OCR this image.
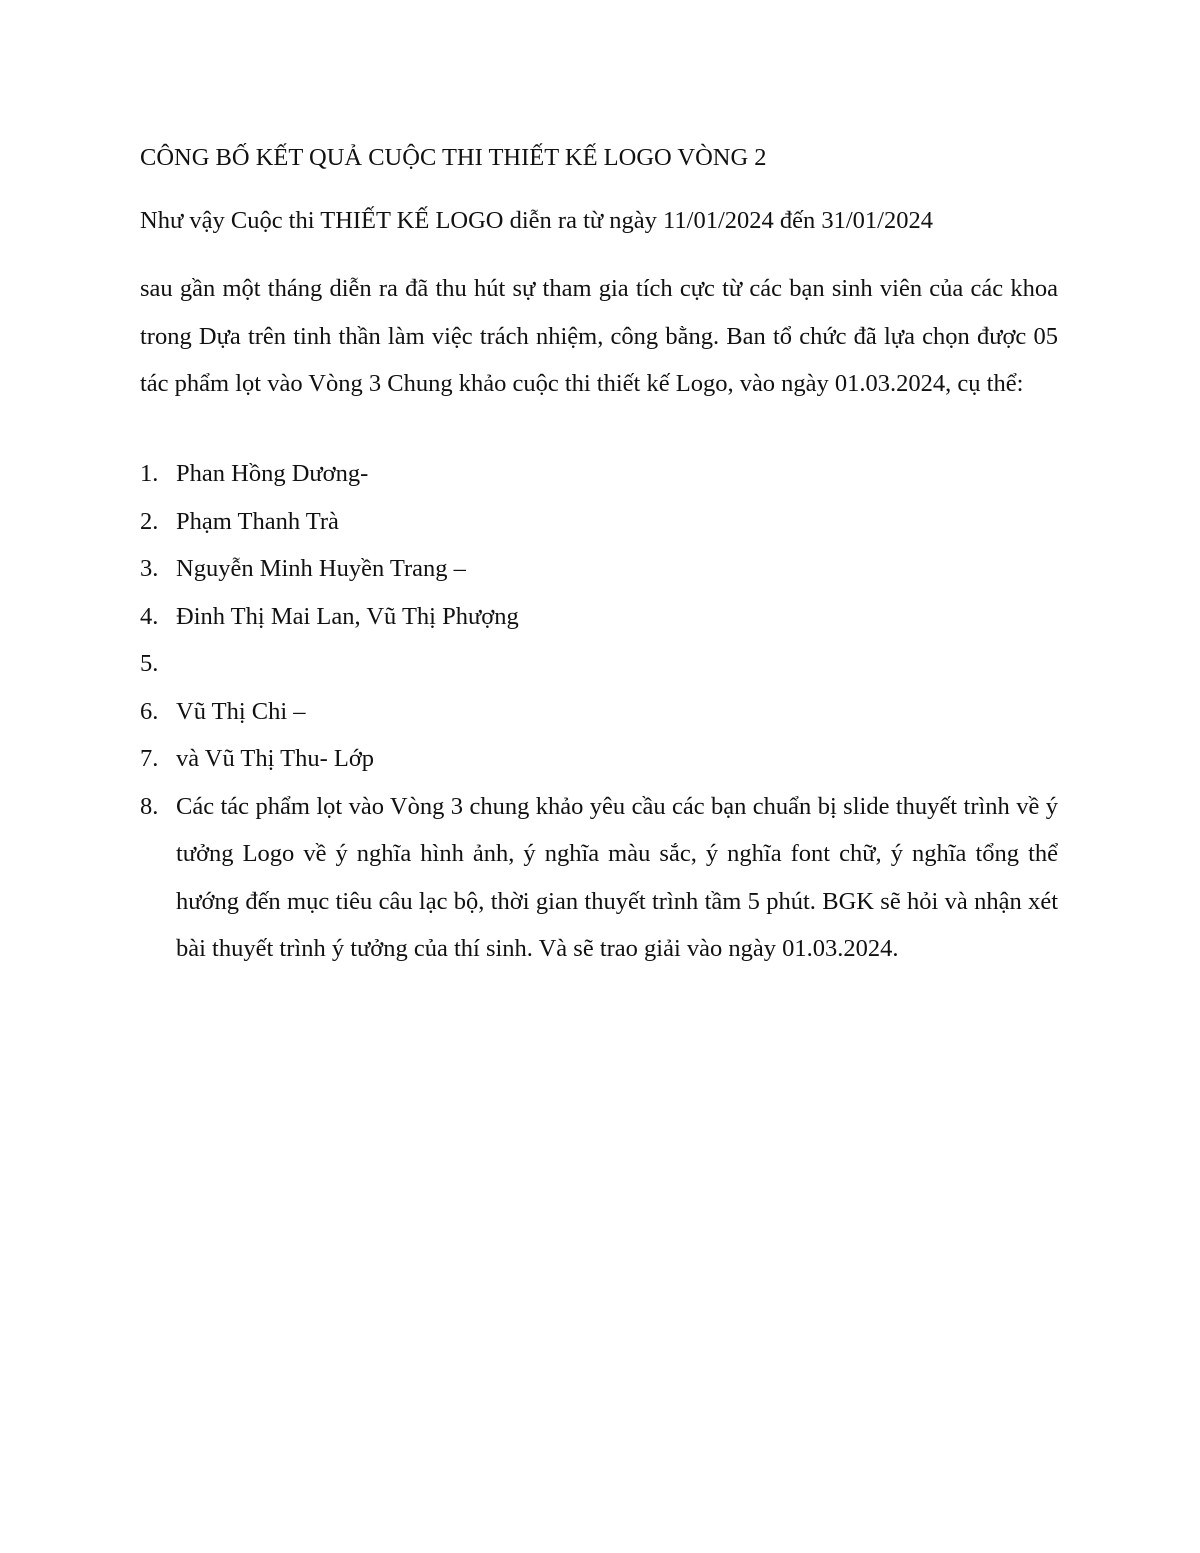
CÔNG BỐ KẾT QUẢ CUỘC THI THIẾT KẾ LOGO VÒNG 2
Như vậy Cuộc thi THIẾT KẾ LOGO diễn ra từ ngày 11/01/2024 đến 31/01/2024

sau gần một tháng diễn ra đã thu hút sự tham gia tích cực từ các bạn sinh viên của các khoa trong Dựa trên tinh thần làm việc trách nhiệm, công bằng. Ban tổ chức đã lựa chọn được 05 tác phẩm lọt vào Vòng 3 Chung khảo cuộc thi thiết kế Logo, vào ngày 01.03.2024, cụ thể:

1. Phan Hồng Dương-
2. Phạm Thanh Trà
3. Nguyễn Minh Huyền Trang –
4. Đinh Thị Mai Lan, Vũ Thị Phượng
5.
6. Vũ Thị Chi –
7. và Vũ Thị Thu- Lớp
8. Các tác phẩm lọt vào Vòng 3 chung khảo yêu cầu các bạn chuẩn bị slide thuyết trình về ý tưởng Logo về ý nghĩa hình ảnh, ý nghĩa màu sắc, ý nghĩa font chữ, ý nghĩa tổng thể hướng đến mục tiêu câu lạc bộ, thời gian thuyết trình tầm 5 phút. BGK sẽ hỏi và nhận xét bài thuyết trình ý tưởng của thí sinh. Và sẽ trao giải vào ngày 01.03.2024.
